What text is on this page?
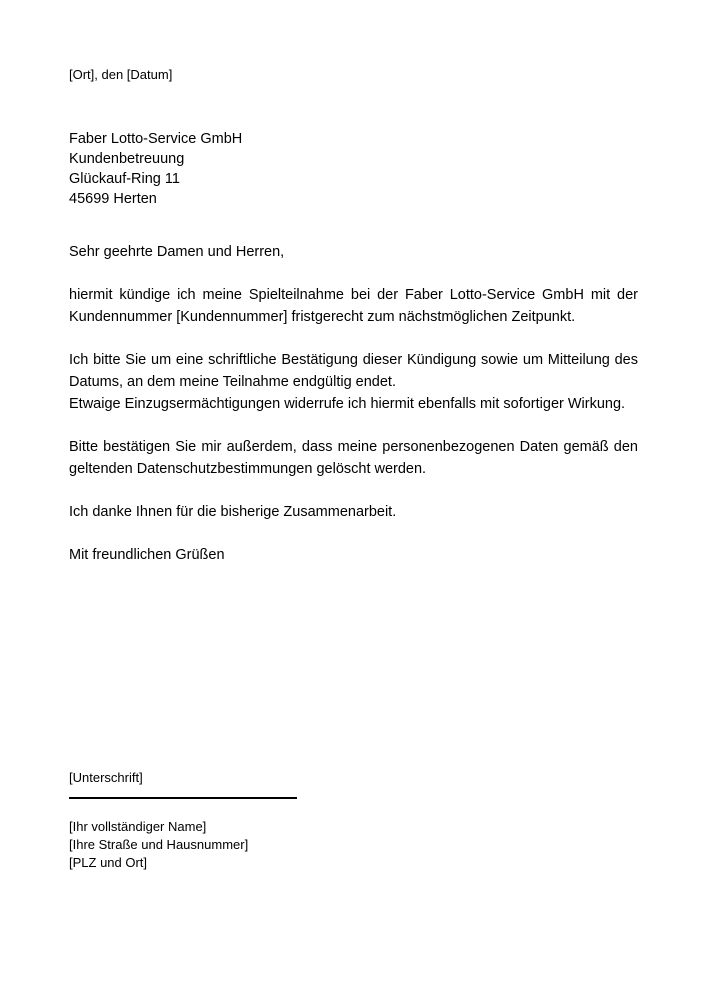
[Ort], den [Datum]

Faber Lotto-Service GmbH
Kundenbetreuung
Glückauf-Ring 11
45699 Herten

Sehr geehrte Damen und Herren,

hiermit kündige ich meine Spielteilnahme bei der Faber Lotto-Service GmbH mit der Kundennummer [Kundennummer] fristgerecht zum nächstmöglichen Zeitpunkt.

Ich bitte Sie um eine schriftliche Bestätigung dieser Kündigung sowie um Mitteilung des Datums, an dem meine Teilnahme endgültig endet.

Etwaige Einzugsermächtigungen widerrufe ich hiermit ebenfalls mit sofortiger Wirkung.

Bitte bestätigen Sie mir außerdem, dass meine personenbezogenen Daten gemäß den geltenden Datenschutzbestimmungen gelöscht werden.

Ich danke Ihnen für die bisherige Zusammenarbeit.

Mit freundlichen Grüßen

[Unterschrift]

[Ihr vollständiger Name]
[Ihre Straße und Hausnummer]
[PLZ und Ort]
